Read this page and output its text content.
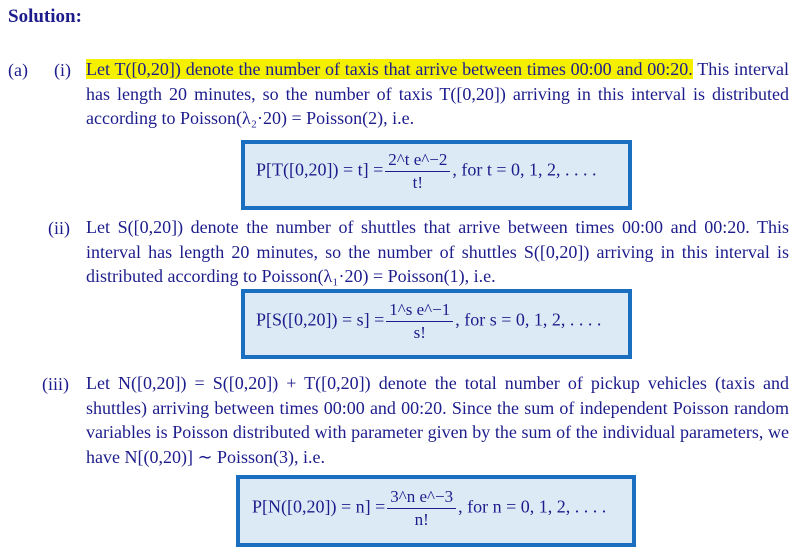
Solution:
(a) (i) Let T([0,20]) denote the number of taxis that arrive between times 00:00 and 00:20. This interval has length 20 minutes, so the number of taxis T([0,20]) arriving in this interval is distributed according to Poisson(λ₂·20) = Poisson(2), i.e.
$P[T([0,20]) = t] = \frac{\text{2\textasciicircum{}t e\textasciicircum{}−2}}{t!}$ , for t = 0, 1, 2, . . . .
(ii) Let S([0,20]) denote the number of shuttles that arrive between times 00:00 and 00:20. This interval has length 20 minutes, so the number of shuttles S([0,20]) arriving in this interval is distributed according to Poisson(λ₁·20) = Poisson(1), i.e.
$P[S([0,20]) = s] = \frac{\text{1\textasciicircum{}s e\textasciicircum{}−1}}{s!}$ , for s = 0, 1, 2, . . . .
(iii) Let N([0,20]) = S([0,20]) + T([0,20]) denote the total number of pickup vehicles (taxis and shuttles) arriving between times 00:00 and 00:20. Since the sum of independent Poisson random variables is Poisson distributed with parameter given by the sum of the individual parameters, we have N[(0,20)] ∼ Poisson(3), i.e.
$P[N([0,20]) = n] = \frac{\text{3\textasciicircum{}n e\textasciicircum{}−3}}{n!}$ , for n = 0, 1, 2, . . . .
